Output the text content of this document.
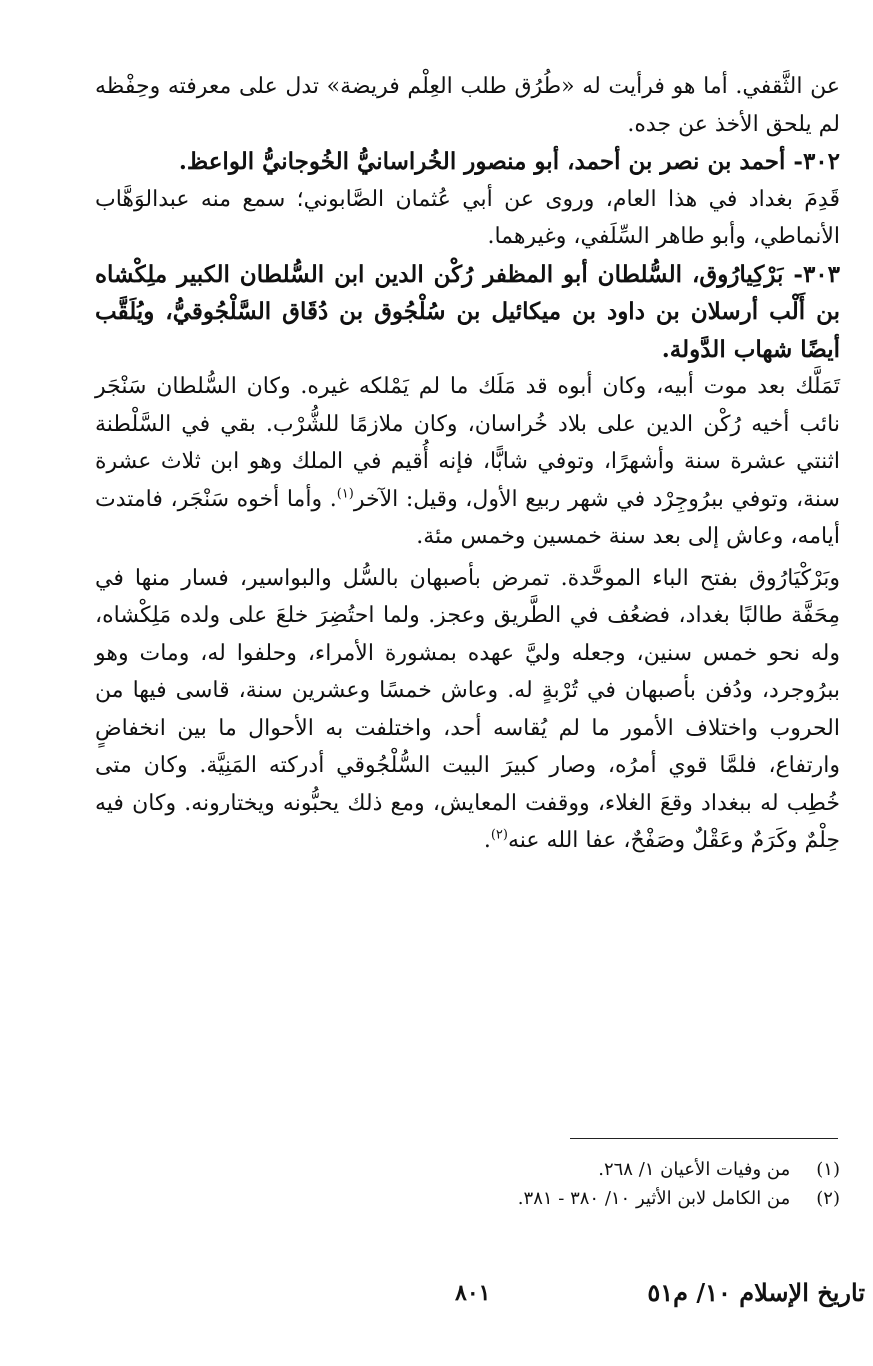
عن الثَّقفي. أما هو فرأيت له «طُرُق طلب العِلْم فريضة» تدل على معرفته وحِفْظه لم يلحق الأخذ عن جده.

٣٠٢- أحمد بن نصر بن أحمد، أبو منصور الخُراسانيُّ الخُوجانيُّ الواعظ.

قَدِمَ بغداد في هذا العام، وروى عن أبي عُثمان الصَّابوني؛ سمع منه عبدالوَهَّاب الأنماطي، وأبو طاهر السِّلَفي، وغيرهما.

٣٠٣- بَرْكِيارُوق، السُّلطان أبو المظفر رُكْن الدين ابن السُّلطان الكبير ملِكْشاه بن أَلْب أرسلان بن داود بن ميكائيل بن سُلْجُوق بن دُقَاق السَّلْجُوقيُّ، ويُلَقَّب أيضًا شهاب الدَّولة.

تَمَلَّك بعد موت أبيه، وكان أبوه قد مَلَك ما لم يَمْلكه غيره. وكان السُّلطان سَنْجَر نائب أخيه رُكْن الدين على بلاد خُراسان، وكان ملازمًا للشُّرْب. بقي في السَّلْطنة اثنتي عشرة سنة وأشهرًا، وتوفي شابًّا، فإنه أُقيم في الملك وهو ابن ثلاث عشرة سنة، وتوفي ببرُوجِرْد في شهر ربيع الأول، وقيل: الآخر$^{(١)}$. وأما أخوه سَنْجَر، فامتدت أيامه، وعاش إلى بعد سنة خمسين وخمس مئة.

وبَرْكْيَارُوق بفتح الباء الموحَّدة. تمرض بأصبهان بالسُّل والبواسير، فسار منها في مِحَفَّة طالبًا بغداد، فضعُف في الطَّريق وعجز. ولما احتُضِرَ خلعَ على ولده مَلِكْشاه، وله نحو خمس سنين، وجعله وليَّ عهده بمشورة الأمراء، وحلفوا له، ومات وهو ببرُوجرد، ودُفن بأصبهان في تُرْبةٍ له. وعاش خمسًا وعشرين سنة، قاسى فيها من الحروب واختلاف الأمور ما لم يُقاسه أحد، واختلفت به الأحوال ما بين انخفاضٍ وارتفاع، فلمَّا قوي أمرُه، وصار كبيرَ البيت السُّلْجُوقي أدركته المَنِيَّة. وكان متى خُطِب له ببغداد وقعَ الغلاء، ووقفت المعايش، ومع ذلك يحبُّونه ويختارونه. وكان فيه حِلْمٌ وكَرَمٌ وعَقْلٌ وصَفْحٌ، عفا الله عنه$^{(٢)}$.

(١) من وفيات الأعيان ١/ ٢٦٨.

(٢) من الكامل لابن الأثير ١٠/ ٣٨٠ - ٣٨١.

تاريخ الإسلام ١٠/ م٥١
٨٠١
